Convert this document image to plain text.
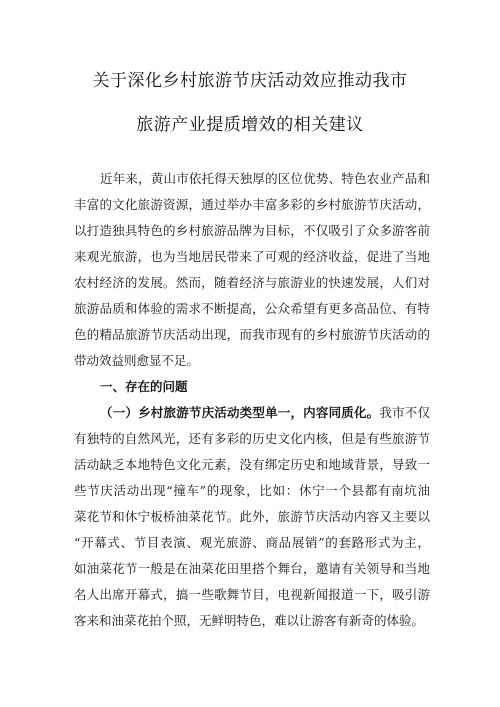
关于深化乡村旅游节庆活动效应推动我市
旅游产业提质增效的相关建议
近年来，黄山市依托得天独厚的区位优势、特色农业产品和
丰富的文化旅游资源，通过举办丰富多彩的乡村旅游节庆活动，
以打造独具特色的乡村旅游品牌为目标，不仅吸引了众多游客前
来观光旅游，也为当地居民带来了可观的经济收益，促进了当地
农村经济的发展。然而，随着经济与旅游业的快速发展，人们对
旅游品质和体验的需求不断提高，公众希望有更多高品位、有特
色的精品旅游节庆活动出现，而我市现有的乡村旅游节庆活动的
带动效益则愈显不足。
一、存在的问题
（一）乡村旅游节庆活动类型单一，内容同质化。我市不仅
有独特的自然风光，还有多彩的历史文化内核，但是有些旅游节
活动缺乏本地特色文化元素，没有绑定历史和地域背景，导致一
些节庆活动出现“撞车”的现象，比如：休宁一个县都有南坑油
菜花节和休宁板桥油菜花节。此外，旅游节庆活动内容又主要以
“开幕式、节目表演、观光旅游、商品展销”的套路形式为主，
如油菜花节一般是在油菜花田里搭个舞台，邀请有关领导和当地
名人出席开幕式，搞一些歌舞节目，电视新闻报道一下，吸引游
客来和油菜花拍个照，无鲜明特色，难以让游客有新奇的体验。
